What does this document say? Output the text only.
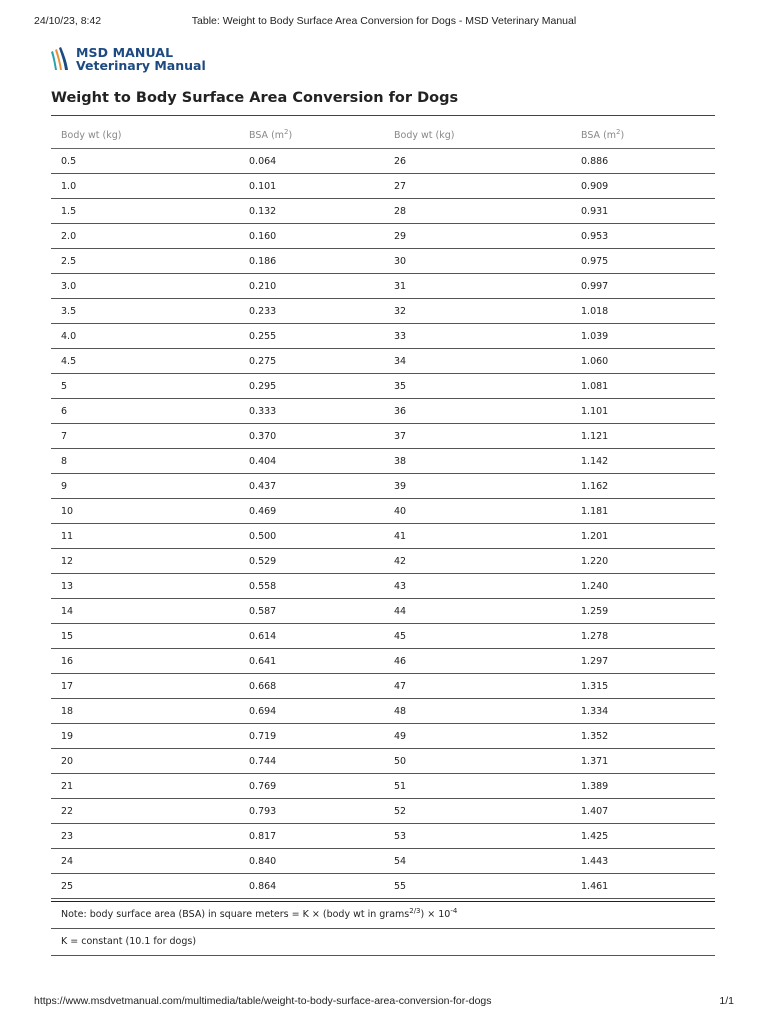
24/10/23, 8:42	Table: Weight to Body Surface Area Conversion for Dogs - MSD Veterinary Manual
MSD MANUAL
Veterinary Manual
Weight to Body Surface Area Conversion for Dogs
Body wt (kg)	BSA $(m^2)$	Body wt (kg)	BSA $(m^2)$
0.5	0.064	26	0.886
1.0	0.101	27	0.909
1.5	0.132	28	0.931
2.0	0.160	29	0.953
2.5	0.186	30	0.975
3.0	0.210	31	0.997
3.5	0.233	32	1.018
4.0	0.255	33	1.039
4.5	0.275	34	1.060
5	0.295	35	1.081
6	0.333	36	1.101
7	0.370	37	1.121
8	0.404	38	1.142
9	0.437	39	1.162
10	0.469	40	1.181
11	0.500	41	1.201
12	0.529	42	1.220
13	0.558	43	1.240
14	0.587	44	1.259
15	0.614	45	1.278
16	0.641	46	1.297
17	0.668	47	1.315
18	0.694	48	1.334
19	0.719	49	1.352
20	0.744	50	1.371
21	0.769	51	1.389
22	0.793	52	1.407
23	0.817	53	1.425
24	0.840	54	1.443
25	0.864	55	1.461
Note: body surface area (BSA) in square meters = K × (body wt in grams$^{2/3}$) × $10^{-4}$
K = constant (10.1 for dogs)
https://www.msdvetmanual.com/multimedia/table/weight-to-body-surface-area-conversion-for-dogs	1/1
